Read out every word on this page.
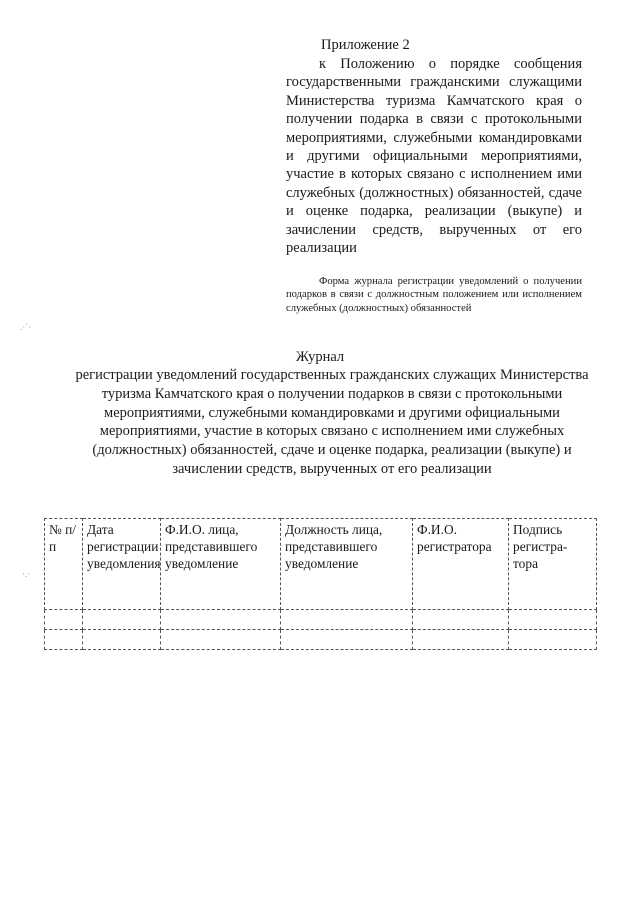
Приложение 2
к Положению о порядке сообщения государственными гражданскими служащими Министерства туризма Камчатского края о получении подарка в связи с протокольными мероприятиями, служебными командировками и другими официальными мероприятиями, участие в которых связано с исполнением ими служебных (должностных) обязанностей, сдаче и оценке подарка, реализации (выкупе) и зачислении средств, вырученных от его реализации
Форма журнала регистрации уведомлений о получении подарков в связи с должностным положением или исполнением служебных (должностных) обязанностей
Журнал
регистрации уведомлений государственных гражданских служащих Министерства туризма Камчатского края о получении подарков в связи с протокольными мероприятиями, служебными командировками и другими официальными мероприятиями, участие в которых связано с исполнением ими служебных (должностных) обязанностей, сдаче и оценке подарка, реализации (выкупе) и зачислении средств, вырученных от его реализации
№ п/п	Дата регистрации уведомления	Ф.И.О. лица, представившего уведомление	Должность лица, представившего уведомление	Ф.И.О. регистратора	Подпись регистра-тора

.·´·
·.·
